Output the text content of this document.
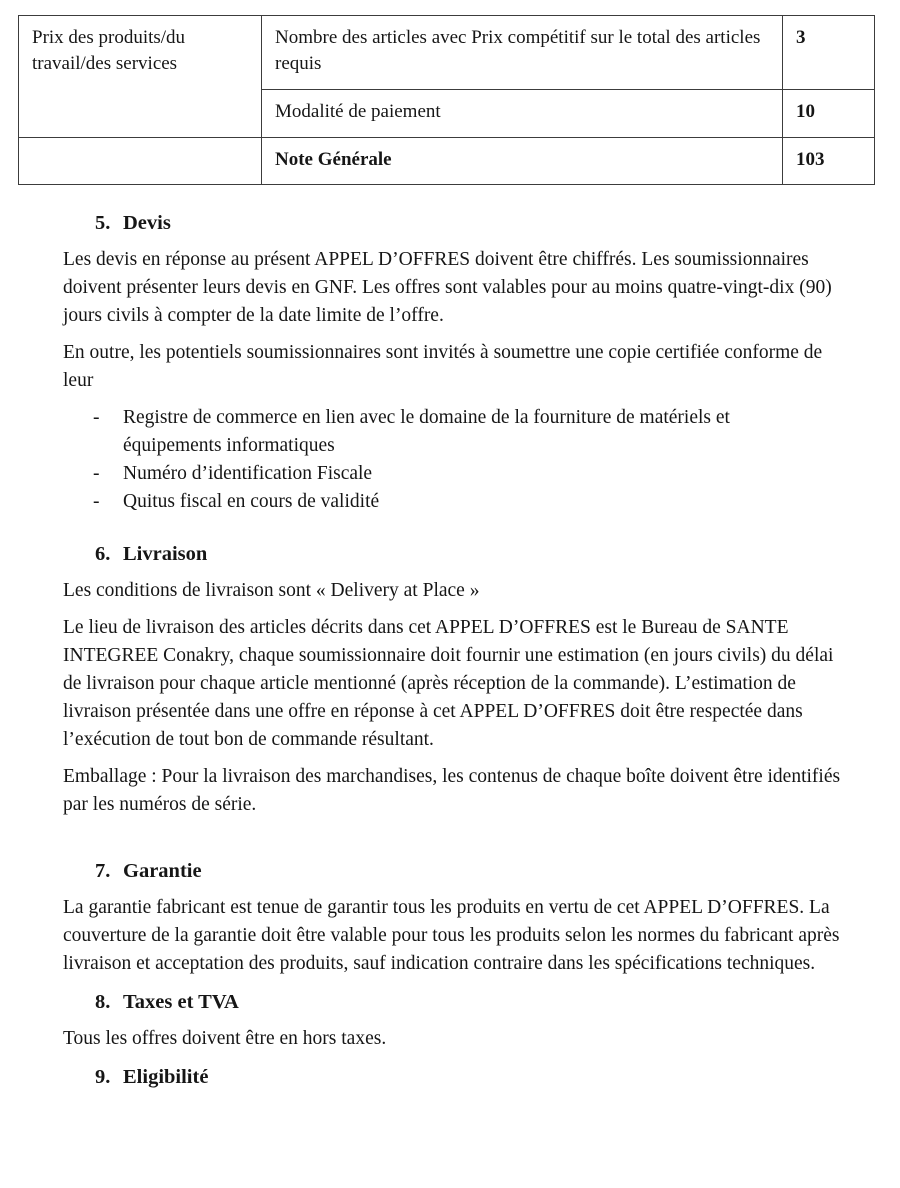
Prix des produits/du travail/des services	Nombre des articles avec Prix compétitif sur le total des articles requis	3
	Modalité de paiement	10
	Note Générale	103
5. Devis

Les devis en réponse au présent APPEL D’OFFRES doivent être chiffrés. Les soumissionnaires doivent présenter leurs devis en GNF. Les offres sont valables pour au moins quatre-vingt-dix (90) jours civils à compter de la date limite de l’offre.

En outre, les potentiels soumissionnaires sont invités à soumettre une copie certifiée conforme de leur

-	Registre de commerce en lien avec le domaine de la fourniture de matériels et équipements informatiques
-	Numéro d’identification Fiscale
-	Quitus fiscal en cours de validité
6. Livraison

Les conditions de livraison sont « Delivery at Place »

Le lieu de livraison des articles décrits dans cet APPEL D’OFFRES est le Bureau de SANTE INTEGREE Conakry, chaque soumissionnaire doit fournir une estimation (en jours civils) du délai de livraison pour chaque article mentionné (après réception de la commande). L’estimation de livraison présentée dans une offre en réponse à cet APPEL D’OFFRES doit être respectée dans l’exécution de tout bon de commande résultant.

Emballage : Pour la livraison des marchandises, les contenus de chaque boîte doivent être identifiés par les numéros de série.

7. Garantie

La garantie fabricant est tenue de garantir tous les produits en vertu de cet APPEL D’OFFRES. La couverture de la garantie doit être valable pour tous les produits selon les normes du fabricant après livraison et acceptation des produits, sauf indication contraire dans les spécifications techniques.

8. Taxes et TVA

Tous les offres doivent être en hors taxes.

9. Eligibilité
